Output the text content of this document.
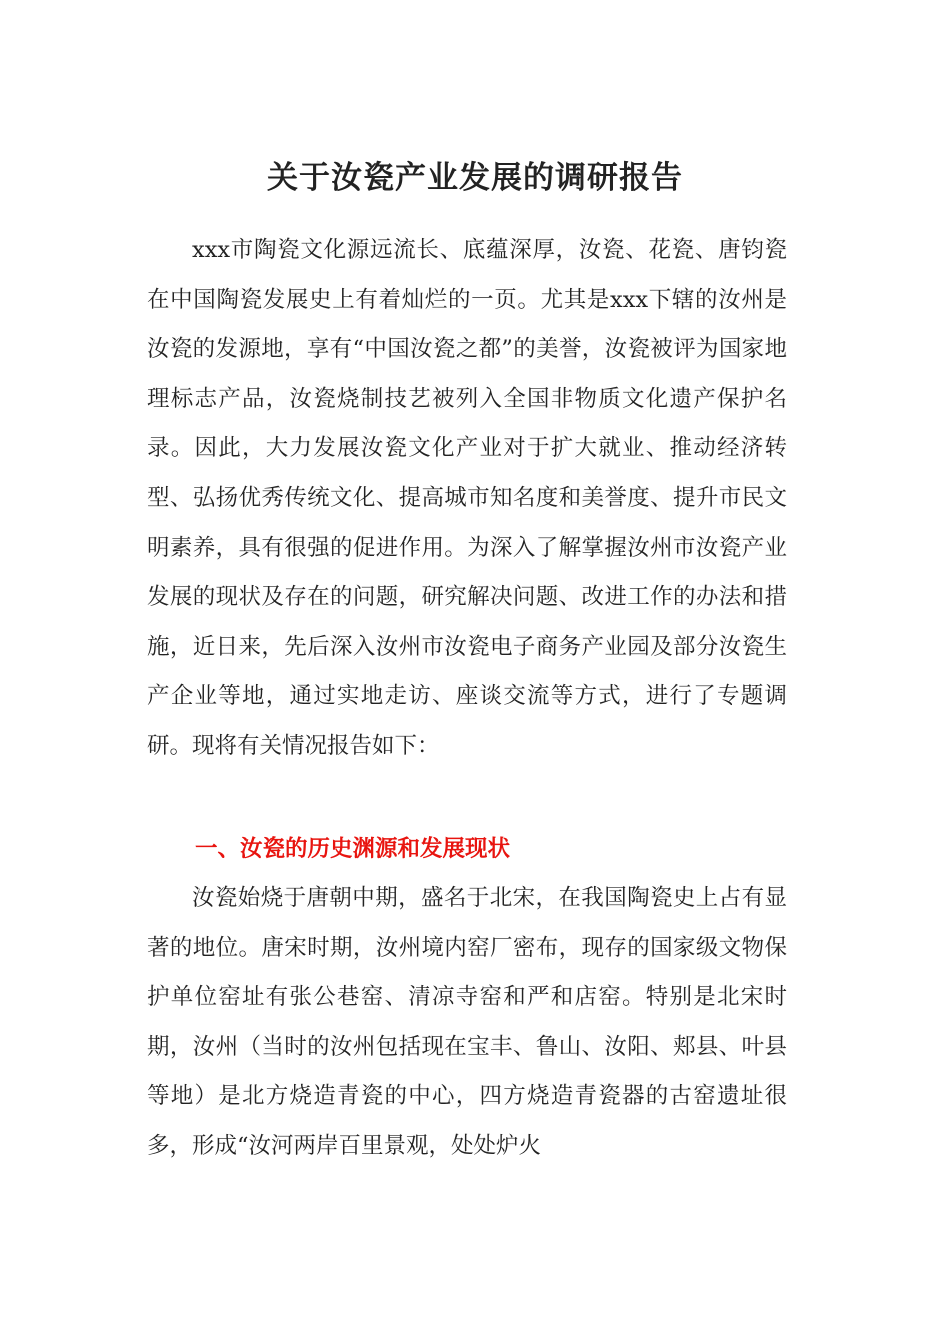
关于汝瓷产业发展的调研报告

xxx市陶瓷文化源远流长、底蕴深厚，汝瓷、花瓷、唐钧瓷在中国陶瓷发展史上有着灿烂的一页。尤其是xxx下辖的汝州是汝瓷的发源地，享有“中国汝瓷之都”的美誉，汝瓷被评为国家地理标志产品，汝瓷烧制技艺被列入全国非物质文化遗产保护名录。因此，大力发展汝瓷文化产业对于扩大就业、推动经济转型、弘扬优秀传统文化、提高城市知名度和美誉度、提升市民文明素养，具有很强的促进作用。为深入了解掌握汝州市汝瓷产业发展的现状及存在的问题，研究解决问题、改进工作的办法和措施，近日来，先后深入汝州市汝瓷电子商务产业园及部分汝瓷生产企业等地，通过实地走访、座谈交流等方式，进行了专题调研。现将有关情况报告如下：

一、汝瓷的历史渊源和发展现状

汝瓷始烧于唐朝中期，盛名于北宋，在我国陶瓷史上占有显著的地位。唐宋时期，汝州境内窑厂密布，现存的国家级文物保护单位窑址有张公巷窑、清凉寺窑和严和店窑。特别是北宋时期，汝州（当时的汝州包括现在宝丰、鲁山、汝阳、郏县、叶县等地）是北方烧造青瓷的中心，四方烧造青瓷器的古窑遗址很多，形成“汝河两岸百里景观，处处炉火
